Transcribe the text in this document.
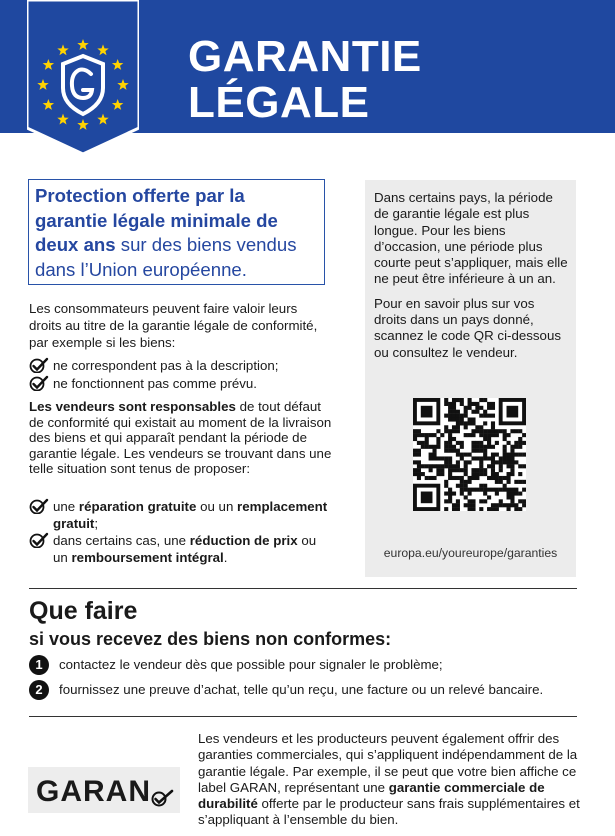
GARANTIE
LÉGALE
Protection offerte par la garantie légale minimale de deux ans sur des biens vendus dans l’Union européenne.
Les consommateurs peuvent faire valoir leurs droits au titre de la garantie légale de conformité, par exemple si les biens:
ne correspondent pas à la description;
ne fonctionnent pas comme prévu.
Les vendeurs sont responsables de tout défaut de conformité qui existait au moment de la livraison des biens et qui apparaît pendant la période de garantie légale. Les vendeurs se trouvant dans une telle situation sont tenus de proposer:
une réparation gratuite ou un remplacement gratuit;
dans certains cas, une réduction de prix ou un remboursement intégral.

Dans certains pays, la période de garantie légale est plus longue. Pour les biens d’occasion, une période plus courte peut s’appliquer, mais elle ne peut être inférieure à un an.

Pour en savoir plus sur vos droits dans un pays donné, scannez le code QR ci-dessous ou consultez le vendeur.

europa.eu/youreurope/garanties
Que faire
si vous recevez des biens non conformes:
1	contactez le vendeur dès que possible pour signaler le problème;
2	fournissez une preuve d’achat, telle qu’un reçu, une facture ou un relevé bancaire.
GARAN
Les vendeurs et les producteurs peuvent également offrir des garanties commerciales, qui s’appliquent indépendamment de la garantie légale. Par exemple, il se peut que votre bien affiche ce label GARAN, représentant une garantie commerciale de durabilité offerte par le producteur sans frais supplémentaires et s’appliquant à l’ensemble du bien.
